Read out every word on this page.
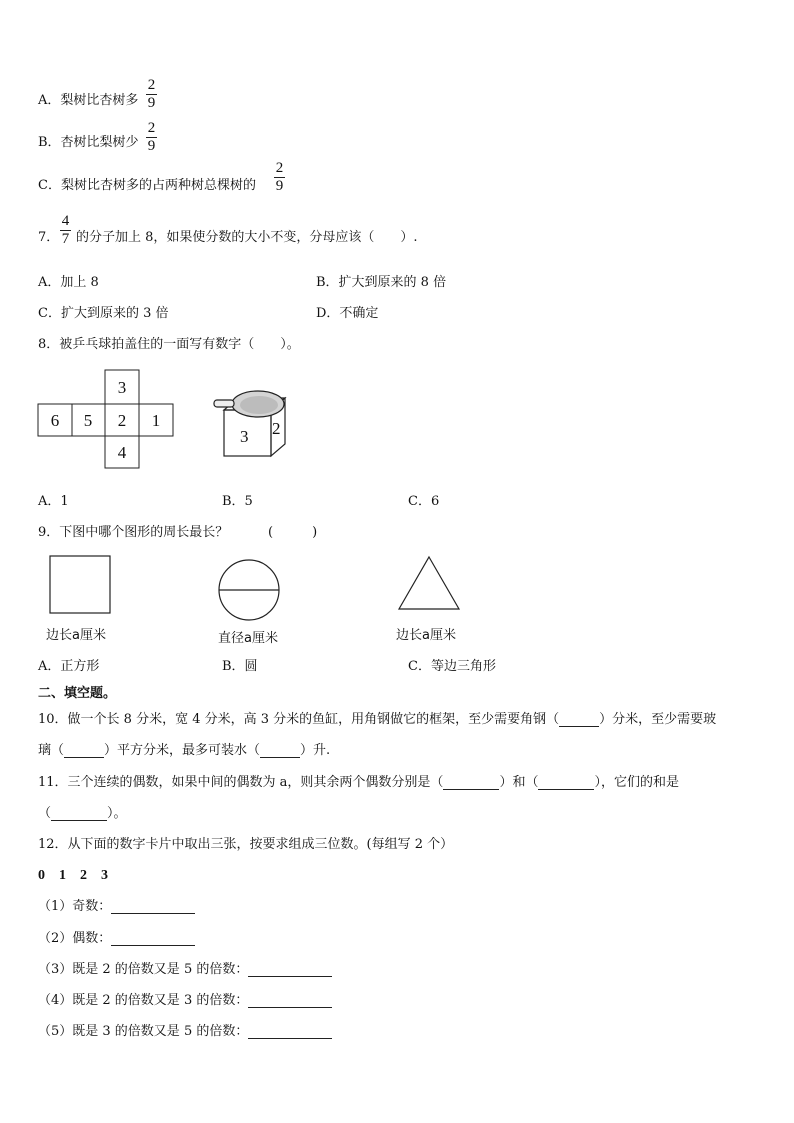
A．梨树比杏树多
2
9
B．杏树比梨树少
2
9
C．梨树比杏树多的占两种树总棵树的
2
9
7．
4
7 的分子加上 8，如果使分数的大小不变，分母应该（　　）.
A．加上 8	B．扩大到原来的 8 倍
C．扩大到原来的 3 倍	D．不确定
8．被乒乓球拍盖住的一面写有数字（　　）。
3
6 5 2 1
4
3 2
A．1	B．5	C．6
9．下图中哪个图形的周长最长？	(　　　)
边长a厘米	直径a厘米	边长a厘米
A．正方形	B．圆	C．等边三角形
二、填空题。
10．做一个长 8 分米，宽 4 分米，高 3 分米的鱼缸，用角钢做它的框架，至少需要角钢（	）分米，至少需要玻
璃（	）平方分米，最多可装水（	）升.
11．三个连续的偶数，如果中间的偶数为 a，则其余两个偶数分别是（	）和（	），它们的和是
（	）。
12．从下面的数字卡片中取出三张，按要求组成三位数。(每组写 2 个）
0　1　2　3
（1）奇数：
（2）偶数：
（3）既是 2 的倍数又是 5 的倍数：
（4）既是 2 的倍数又是 3 的倍数：
（5）既是 3 的倍数又是 5 的倍数：
